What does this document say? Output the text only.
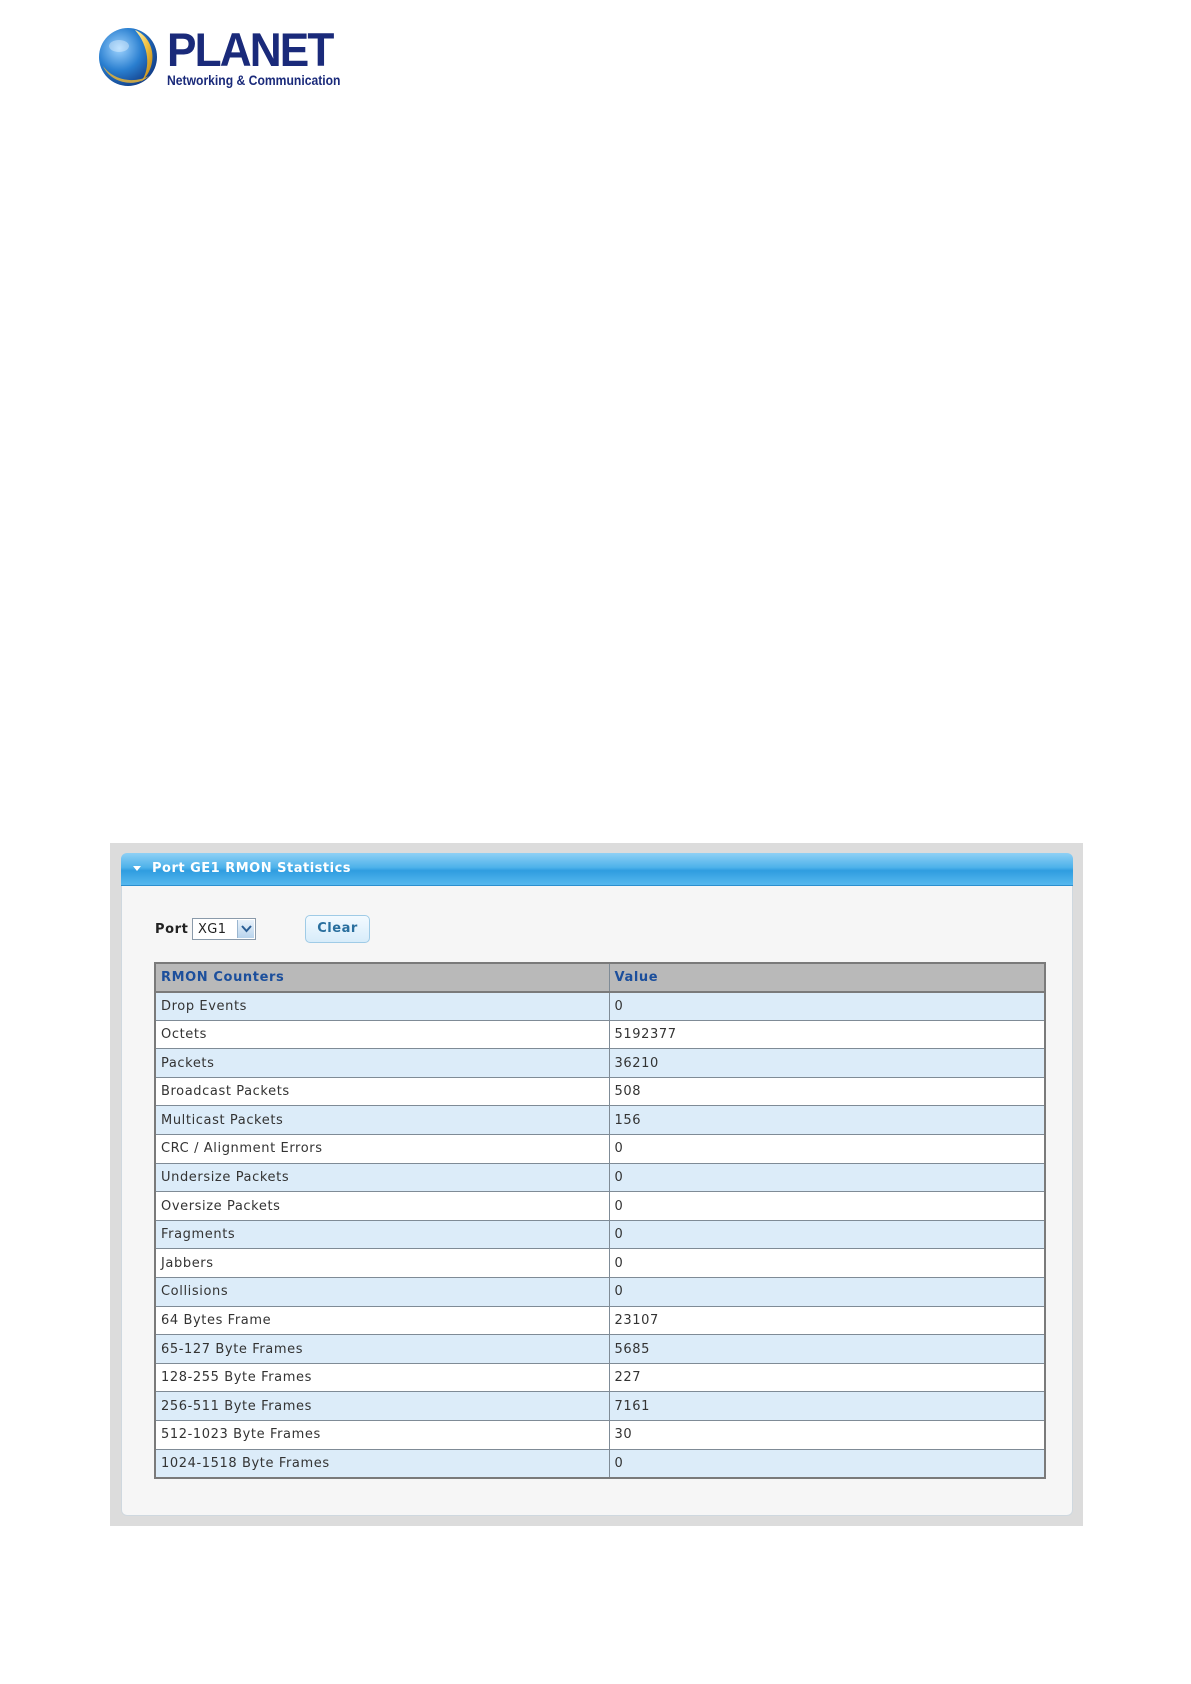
PLANET
Networking & Communication
Port GE1 RMON Statistics
Port XG1	Clear
RMON Counters	Value
Drop Events	0
Octets	5192377
Packets	36210
Broadcast Packets	508
Multicast Packets	156
CRC / Alignment Errors	0
Undersize Packets	0
Oversize Packets	0
Fragments	0
Jabbers	0
Collisions	0
64 Bytes Frame	23107
65-127 Byte Frames	5685
128-255 Byte Frames	227
256-511 Byte Frames	7161
512-1023 Byte Frames	30
1024-1518 Byte Frames	0
